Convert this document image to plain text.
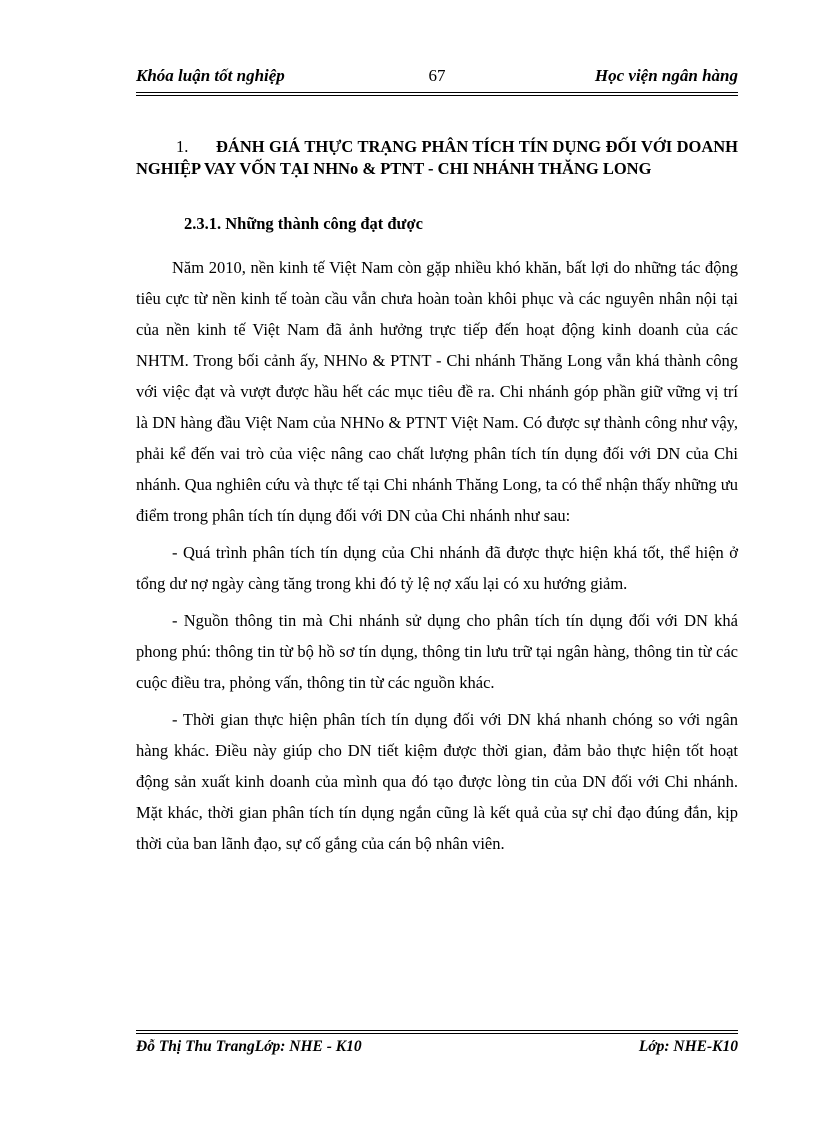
Khóa luận tốt nghiệp	67	Học viện ngân hàng
1. ĐÁNH GIÁ THỰC TRẠNG PHÂN TÍCH TÍN DỤNG ĐỐI VỚI DOANH NGHIỆP VAY VỐN TẠI NHNo & PTNT - CHI NHÁNH THĂNG LONG
2.3.1. Những thành công đạt được

Năm 2010, nền kinh tế Việt Nam còn gặp nhiều khó khăn, bất lợi do những tác động tiêu cực từ nền kinh tế toàn cầu vẫn chưa hoàn toàn khôi phục và các nguyên nhân nội tại của nền kinh tế Việt Nam đã ảnh hưởng trực tiếp đến hoạt động kinh doanh của các NHTM. Trong bối cảnh ấy, NHNo & PTNT - Chi nhánh Thăng Long vẫn khá thành công với việc đạt và vượt được hầu hết các mục tiêu đề ra. Chi nhánh góp phần giữ vững vị trí là DN hàng đầu Việt Nam của NHNo & PTNT Việt Nam. Có được sự thành công như vậy, phải kể đến vai trò của việc nâng cao chất lượng phân tích tín dụng đối với DN của Chi nhánh. Qua nghiên cứu và thực tế tại Chi nhánh Thăng Long, ta có thể nhận thấy những ưu điểm trong phân tích tín dụng đối với DN của Chi nhánh như sau:

- Quá trình phân tích tín dụng của Chi nhánh đã được thực hiện khá tốt, thể hiện ở tổng dư nợ ngày càng tăng trong khi đó tỷ lệ nợ xấu lại có xu hướng giảm.

- Nguồn thông tin mà Chi nhánh sử dụng cho phân tích tín dụng đối với DN khá phong phú: thông tin từ bộ hồ sơ tín dụng, thông tin lưu trữ tại ngân hàng, thông tin từ các cuộc điều tra, phỏng vấn, thông tin từ các nguồn khác.

- Thời gian thực hiện phân tích tín dụng đối với DN khá nhanh chóng so với ngân hàng khác. Điều này giúp cho DN tiết kiệm được thời gian, đảm bảo thực hiện tốt hoạt động sản xuất kinh doanh của mình qua đó tạo được lòng tin của DN đối với Chi nhánh. Mặt khác, thời gian phân tích tín dụng ngắn cũng là kết quả của sự chỉ đạo đúng đắn, kịp thời của ban lãnh đạo, sự cố gắng của cán bộ nhân viên.

Đỗ Thị Thu TrangLớp: NHE - K10	Lớp: NHE-K10
